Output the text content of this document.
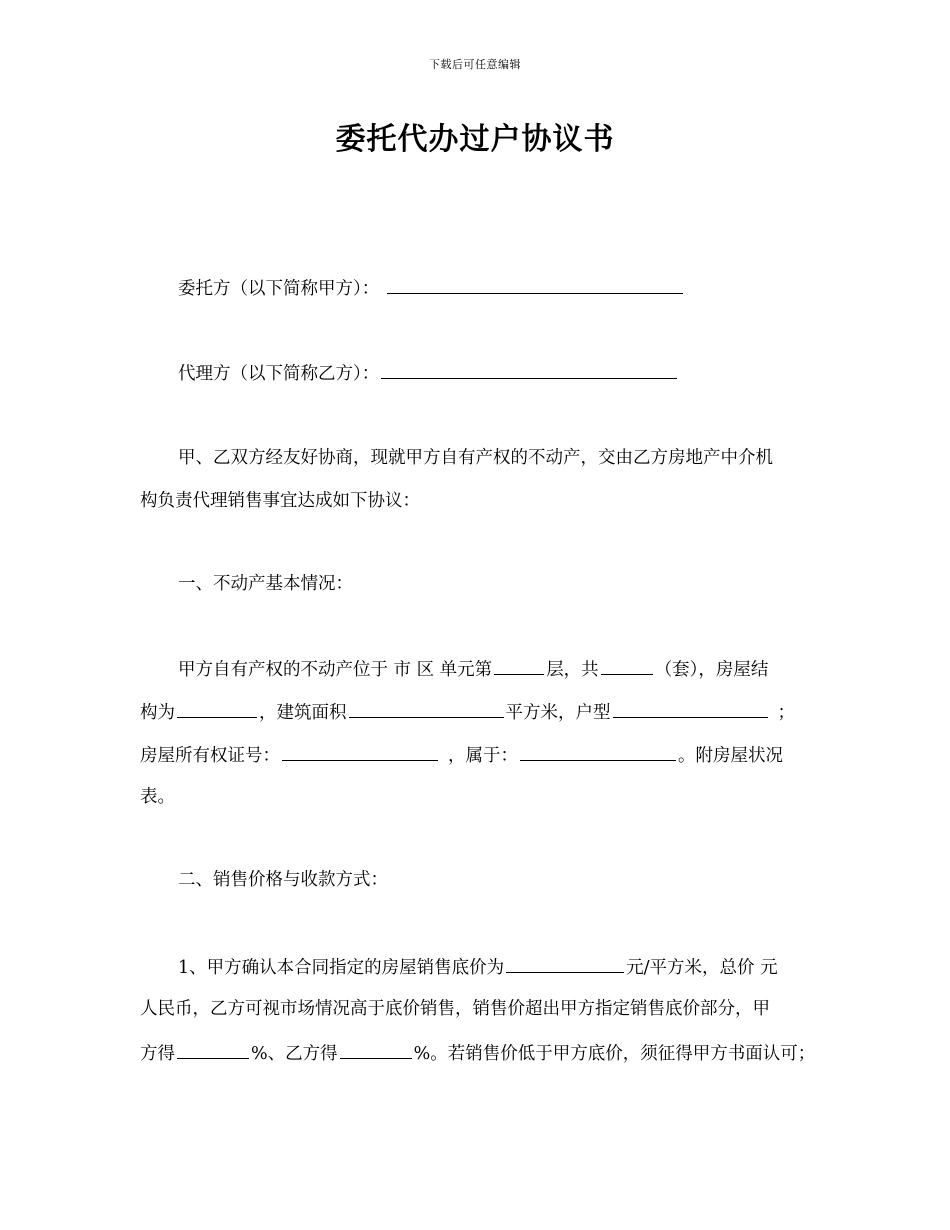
下载后可任意编辑
委托代办过户协议书
委托方（以下简称甲方）：
代理方（以下简称乙方）：
甲、乙双方经友好协商，现就甲方自有产权的不动产，交由乙方房地产中介机
构负责代理销售事宜达成如下协议：
一、不动产基本情况：
甲方自有产权的不动产位于 市 区 单元第	层，共	（套），房屋结
构为	，建筑面积	平方米，户型	；
房屋所有权证号：	，属于：	。附房屋状况
表。
二、销售价格与收款方式：
1、甲方确认本合同指定的房屋销售底价为	元/平方米，总价 元
人民币，乙方可视市场情况高于底价销售，销售价超出甲方指定销售底价部分，甲
方得	%、乙方得	%。若销售价低于甲方底价，须征得甲方书面认可；
